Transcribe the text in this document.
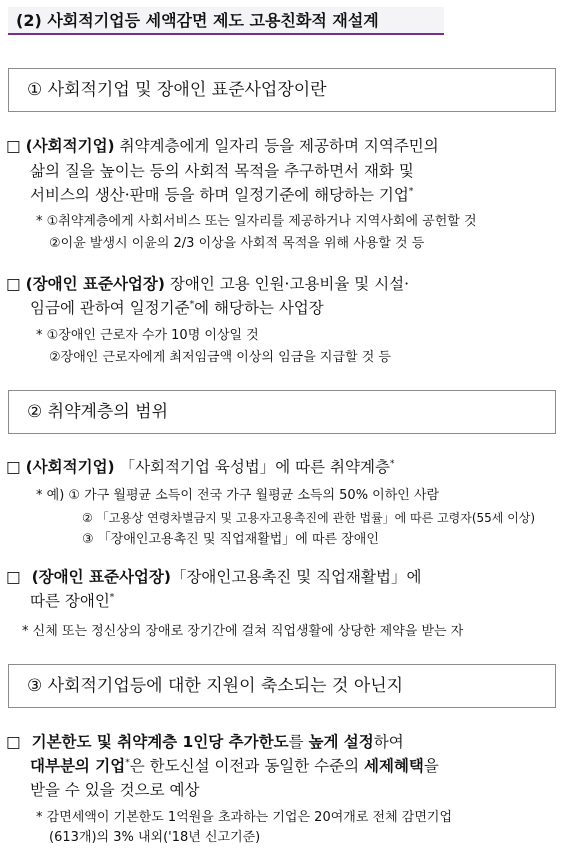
(2) 사회적기업등 세액감면 제도 고용친화적 재설계
① 사회적기업 및 장애인 표준사업장이란
□ (사회적기업) 취약계층에게 일자리 등을 제공하며 지역주민의
삶의 질을 높이는 등의 사회적 목적을 추구하면서 재화 및
서비스의 생산·판매 등을 하며 일정기준에 해당하는 기업*
* ①취약계층에게 사회서비스 또는 일자리를 제공하거나 지역사회에 공헌할 것
②이윤 발생시 이윤의 2/3 이상을 사회적 목적을 위해 사용할 것 등
□ (장애인 표준사업장) 장애인 고용 인원·고용비율 및 시설·
임금에 관하여 일정기준*에 해당하는 사업장
* ①장애인 근로자 수가 10명 이상일 것
②장애인 근로자에게 최저임금액 이상의 임금을 지급할 것 등
② 취약계층의 범위
□ (사회적기업) 「사회적기업 육성법」에 따른 취약계층*
* 예) ① 가구 월평균 소득이 전국 가구 월평균 소득의 50% 이하인 사람
② 「고용상 연령차별금지 및 고용자고용촉진에 관한 법률」에 따른 고령자(55세 이상)
③ 「장애인고용촉진 및 직업재활법」에 따른 장애인
□ (장애인 표준사업장)「장애인고용촉진 및 직업재활법」에
따른 장애인*
* 신체 또는 정신상의 장애로 장기간에 걸쳐 직업생활에 상당한 제약을 받는 자
③ 사회적기업등에 대한 지원이 축소되는 것 아닌지
□ 기본한도 및 취약계층 1인당 추가한도를 높게 설정하여
대부분의 기업*은 한도신설 이전과 동일한 수준의 세제혜택을
받을 수 있을 것으로 예상
* 감면세액이 기본한도 1억원을 초과하는 기업은 20여개로 전체 감면기업
(613개)의 3% 내외('18년 신고기준)
